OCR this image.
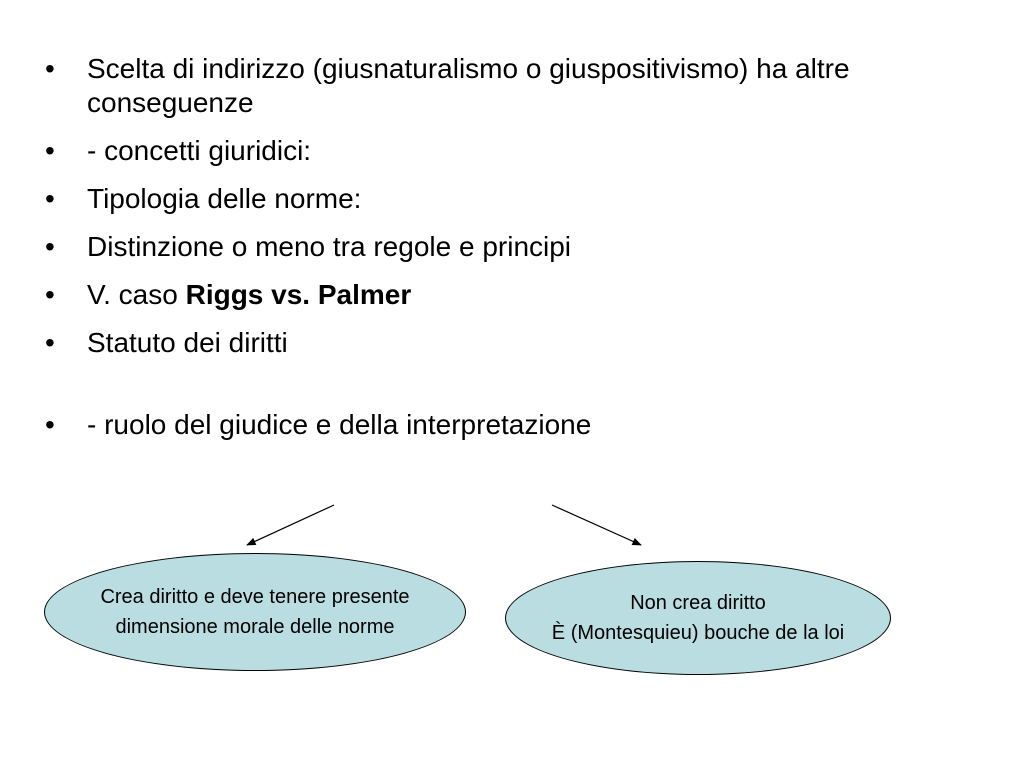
• Scelta di indirizzo (giusnaturalismo o giuspositivismo) ha altre conseguenze
• - concetti giuridici:
• Tipologia delle norme:
• Distinzione o meno tra regole e principi
• V. caso Riggs vs. Palmer
• Statuto dei diritti
• - ruolo del giudice e della interpretazione
Crea diritto e deve tenere presente
dimensione morale delle norme
Non crea diritto
È (Montesquieu) bouche de la loi
